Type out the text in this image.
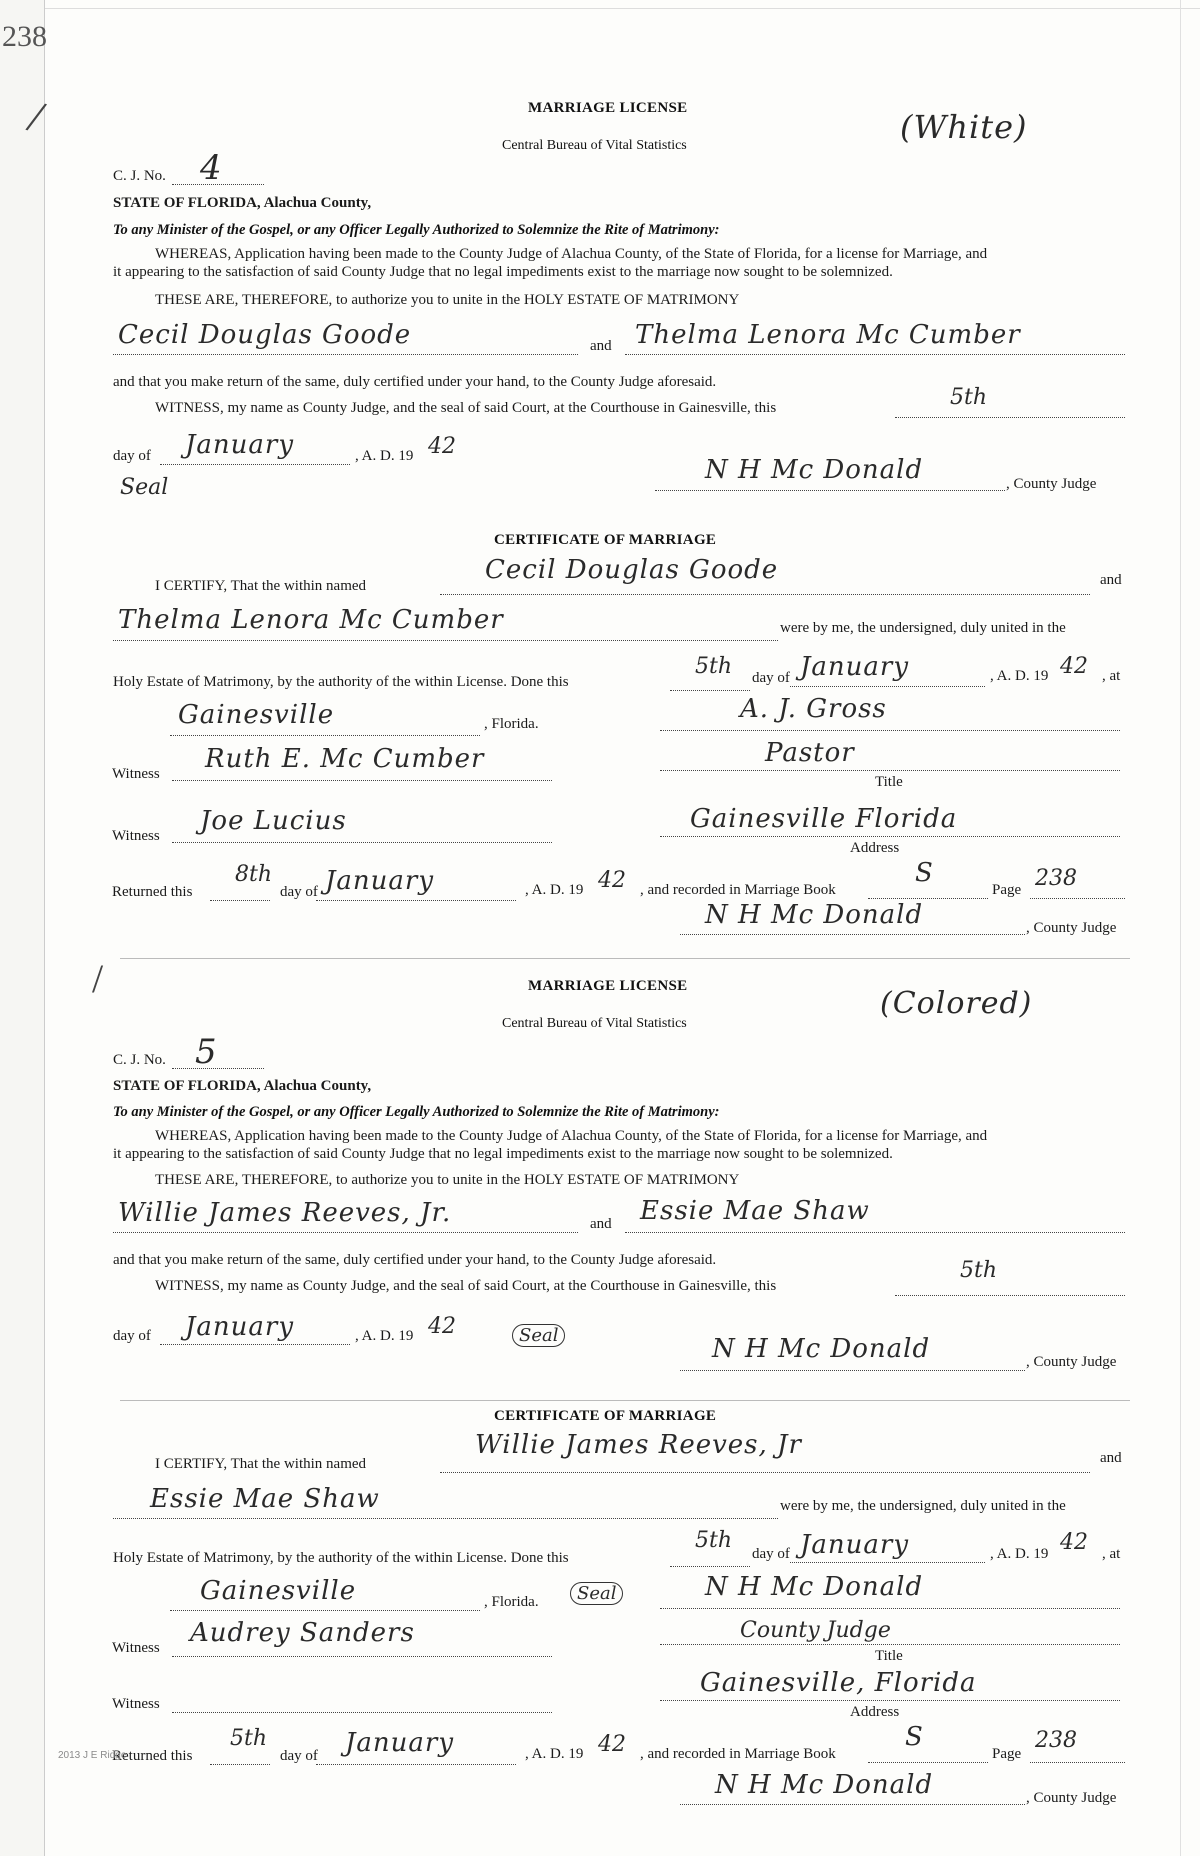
238
/	MARRIAGE LICENSE
Central Bureau of Vital Statistics	(White)
C. J. No. 4
STATE OF FLORIDA, Alachua County,
To any Minister of the Gospel, or any Officer Legally Authorized to Solemnize the Rite of Matrimony:
WHEREAS, Application having been made to the County Judge of Alachua County, of the State of Florida, for a license for Marriage, and
it appearing to the satisfaction of said County Judge that no legal impediments exist to the marriage now sought to be solemnized.
THESE ARE, THEREFORE, to authorize you to unite in the HOLY ESTATE OF MATRIMONY
Cecil Douglas Goode	and Thelma Lenora Mc Cumber
and that you make return of the same, duly certified under your hand, to the County Judge aforesaid.
WITNESS, my name as County Judge, and the seal of said Court, at the Courthouse in Gainesville, this	5th
day of January	, A. D. 19 42
Seal
N H Mc Donald	, County Judge
CERTIFICATE OF MARRIAGE
I CERTIFY, That the within named
Cecil Douglas Goode	and
Thelma Lenora Mc Cumber	were by me, the undersigned, duly united in the
Holy Estate of Matrimony, by the authority of the within License. Done this
5th day of January	, A. D. 19 42 , at
Gainesville	, Florida.	A. J. Gross
Pastor
Witness Ruth E. Mc Cumber
Title
Witness Joe Lucius	Gainesville Florida
Address
Returned this
8th
day of January	, A. D. 19 42 , and recorded in Marriage Book
S
Page 238
N H Mc Donald	, County Judge
/	MARRIAGE LICENSE
Central Bureau of Vital Statistics
(Colored)
C. J. No. 5
STATE OF FLORIDA, Alachua County,
To any Minister of the Gospel, or any Officer Legally Authorized to Solemnize the Rite of Matrimony:
WHEREAS, Application having been made to the County Judge of Alachua County, of the State of Florida, for a license for Marriage, and
it appearing to the satisfaction of said County Judge that no legal impediments exist to the marriage now sought to be solemnized.
THESE ARE, THEREFORE, to authorize you to unite in the HOLY ESTATE OF MATRIMONY
Willie James Reeves, Jr.	and Essie Mae Shaw
and that you make return of the same, duly certified under your hand, to the County Judge aforesaid.
WITNESS, my name as County Judge, and the seal of said Court, at the Courthouse in Gainesville, this
5th
day of January	, A. D. 19 42	Seal	N H Mc Donald	, County Judge
CERTIFICATE OF MARRIAGE
I CERTIFY, That the within named
Willie James Reeves, Jr	and
Essie Mae Shaw	were by me, the undersigned, duly united in the
Holy Estate of Matrimony, by the authority of the within License. Done this
5th
day of January	, A. D. 19 42 , at
Gainesville	, Florida.	Seal	N H Mc Donald
County Judge
Witness Audrey Sanders
Title
Witness
Gainesville, Florida
Address
Returned this
5th
day of January	, A. D. 19 42 , and recorded in Marriage Book
S
Page
238
N H Mc Donald	, County Judge
2013 J E Ridge
